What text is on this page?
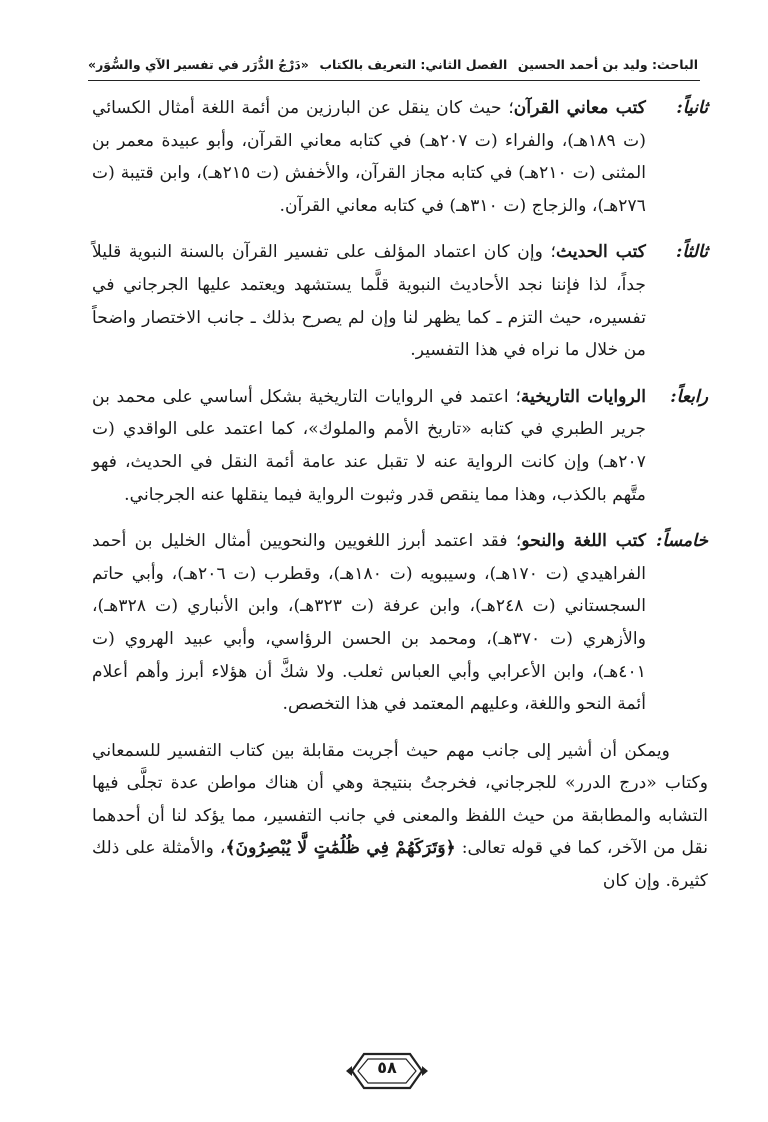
الباحث: وليد بن أحمد الحسين
الفصل الثاني: التعريف بالكتاب
«دَرْجُ الدُّرَر في تفسير الآي والسُّوَر»
ثانياً:
كتب معاني القرآن؛ حيث كان ينقل عن البارزين من أئمة اللغة أمثال الكسائي (ت ١٨٩هـ)، والفراء (ت ٢٠٧هـ) في كتابه معاني القرآن، وأبو عبيدة معمر بن المثنى (ت ٢١٠هـ) في كتابه مجاز القرآن، والأخفش (ت ٢١٥هـ)، وابن قتيبة (ت ٢٧٦هـ)، والزجاج (ت ٣١٠هـ) في كتابه معاني القرآن.
ثالثاً:
كتب الحديث؛ وإن كان اعتماد المؤلف على تفسير القرآن بالسنة النبوية قليلاً جداً، لذا فإننا نجد الأحاديث النبوية قلَّما يستشهد ويعتمد عليها الجرجاني في تفسيره، حيث التزم ـ كما يظهر لنا وإن لم يصرح بذلك ـ جانب الاختصار واضحاً من خلال ما نراه في هذا التفسير.
رابعاً:
الروايات التاريخية؛ اعتمد في الروايات التاريخية بشكل أساسي على محمد بن جرير الطبري في كتابه «تاريخ الأمم والملوك»، كما اعتمد على الواقدي (ت ٢٠٧هـ) وإن كانت الرواية عنه لا تقبل عند عامة أئمة النقل في الحديث، فهو متَّهم بالكذب، وهذا مما ينقص قدر وثبوت الرواية فيما ينقلها عنه الجرجاني.
خامساً:
كتب اللغة والنحو؛ فقد اعتمد أبرز اللغويين والنحويين أمثال الخليل بن أحمد الفراهيدي (ت ١٧٠هـ)، وسيبويه (ت ١٨٠هـ)، وقطرب (ت ٢٠٦هـ)، وأبي حاتم السجستاني (ت ٢٤٨هـ)، وابن عرفة (ت ٣٢٣هـ)، وابن الأنباري (ت ٣٢٨هـ)، والأزهري (ت ٣٧٠هـ)، ومحمد بن الحسن الرؤاسي، وأبي عبيد الهروي (ت ٤٠١هـ)، وابن الأعرابي وأبي العباس ثعلب. ولا شكَّ أن هؤلاء أبرز وأهم أعلام أئمة النحو واللغة، وعليهم المعتمد في هذا التخصص.

ويمكن أن أشير إلى جانب مهم حيث أجريت مقابلة بين كتاب التفسير للسمعاني وكتاب «درج الدرر» للجرجاني، فخرجتُ بنتيجة وهي أن هناك مواطن عدة تجلَّى فيها التشابه والمطابقة من حيث اللفظ والمعنى في جانب التفسير، مما يؤكد لنا أن أحدهما نقل من الآخر، كما في قوله تعالى: ﴿وَتَرَكَهُمْ فِي ظُلُمَٰتٍ لَّا يُبْصِرُونَ﴾، والأمثلة على ذلك كثيرة. وإن كان

٥٨
